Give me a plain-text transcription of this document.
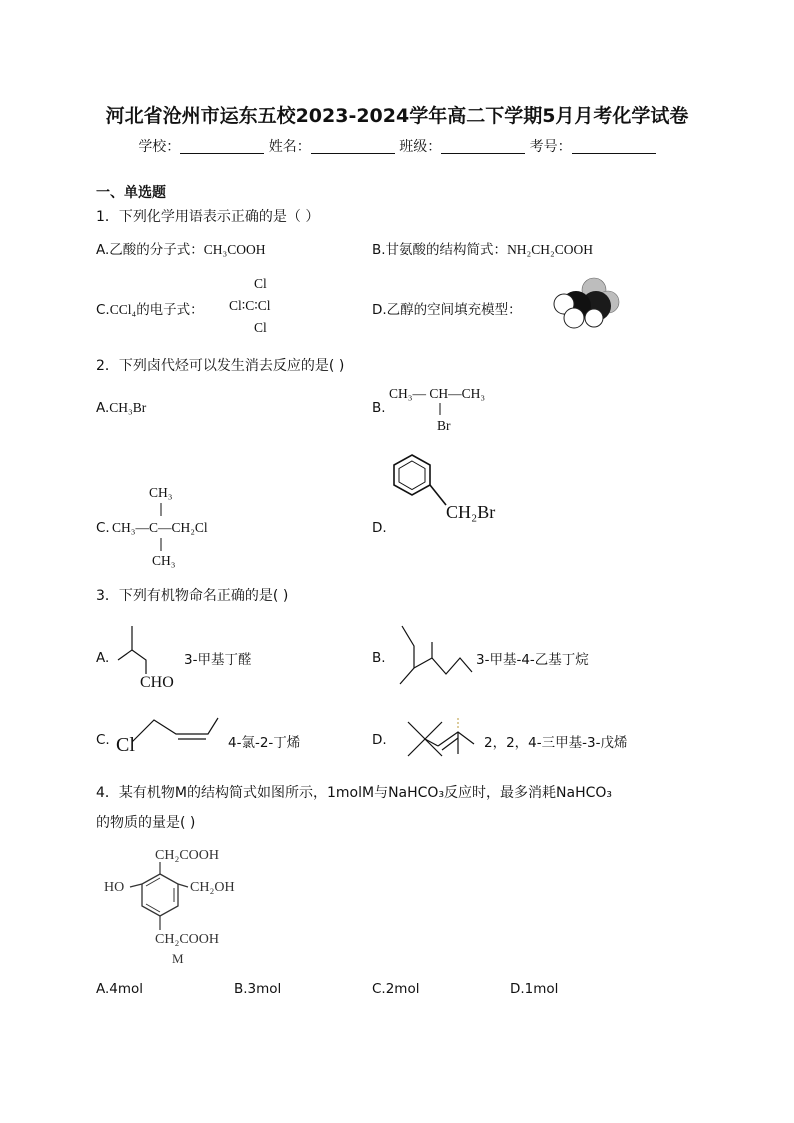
河北省沧州市运东五校2023-2024学年高二下学期5月月考化学试卷
学校：	姓名：	班级：	考号：
一、单选题
1．下列化学用语表示正确的是（ ）
A.乙酸的分子式：CH₃COOH	B.甘氨酸的结构简式：NH₂CH₂COOH
C.CCl₄的电子式：
Cl
Cl∶C∶Cl
Cl
D.乙醇的空间填充模型：
2．下列卤代烃可以发生消去反应的是( )
A.CH₃Br	B.
CH₃— CH—CH₃
Br
C.
CH₃
CH₃—C—CH₂Cl
CH₃
D.
CH₂Br
3．下列有机物命名正确的是( )
A.
CHO
3-甲基丁醛	B.	3-甲基-4-乙基丁烷
C. Cl	4-氯-2-丁烯	D.	2，2，4-三甲基-3-戊烯
4．某有机物M的结构简式如图所示，1molM与NaHCO₃反应时，最多消耗NaHCO₃
的物质的量是( )
CH₂COOH
HO	CH₂OH
CH₂COOH
M
A.4mol	B.3mol	C.2mol	D.1mol
